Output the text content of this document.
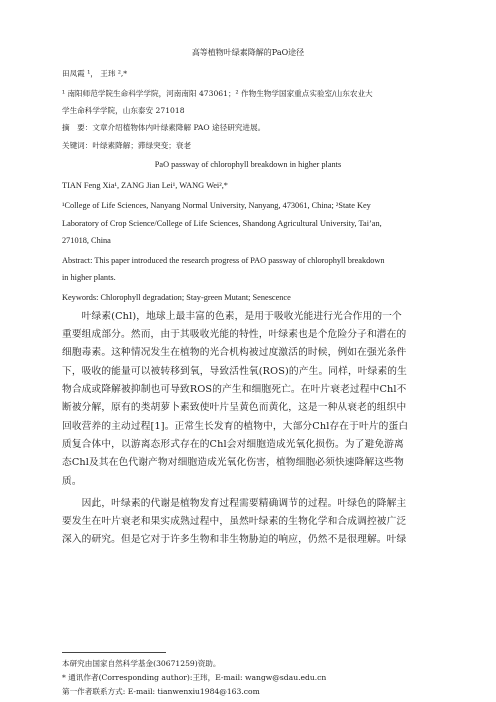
高等植物叶绿素降解的PaO途径

田凤霞 ¹， 王玮 ²,*

¹ 南阳师范学院生命科学学院，河南南阳 473061；² 作物生物学国家重点实验室/山东农业大

学生命科学学院，山东泰安 271018

摘　要：文章介绍植物体内叶绿素降解 PAO 途径研究进展。

关键词：叶绿素降解；滞绿突变；衰老

PaO passway of chlorophyll breakdown in higher plants

TIAN Feng Xia¹, ZANG Jian Lei¹, WANG Wei²,*

¹College of Life Sciences, Nanyang Normal University, Nanyang, 473061, China; ²State Key

Laboratory of Crop Science/College of Life Sciences, Shandong Agricultural University, Tai’an,

271018, China

Abstract: This paper introduced the research progress of PAO passway of chlorophyll breakdown

in higher plants.

Keywords: Chlorophyll degradation; Stay-green Mutant; Senescence

　　叶绿素(Chl)，地球上最丰富的色素，是用于吸收光能进行光合作用的一个

重要组成部分。然而，由于其吸收光能的特性，叶绿素也是个危险分子和潜在的

细胞毒素。这种情况发生在植物的光合机构被过度激活的时候，例如在强光条件

下，吸收的能量可以被转移到氧，导致活性氧(ROS)的产生。同样，叶绿素的生

物合成或降解被抑制也可导致ROS的产生和细胞死亡。在叶片衰老过程中Chl不

断被分解，原有的类胡萝卜素致使叶片呈黄色而黄化，这是一种从衰老的组织中

回收营养的主动过程[1]。正常生长发育的植物中，大部分Chl存在于叶片的蛋白

质复合体中，以游离态形式存在的Chl会对细胞造成光氧化损伤。为了避免游离

态Chl及其在色代谢产物对细胞造成光氧化伤害，植物细胞必须快速降解这些物

质。

　　因此，叶绿素的代谢是植物发育过程需要精确调节的过程。叶绿色的降解主

要发生在叶片衰老和果实成熟过程中，虽然叶绿素的生物化学和合成调控被广泛

深入的研究。但是它对于许多生物和非生物胁迫的响应，仍然不是很理解。叶绿

本研究由国家自然科学基金(30671259)资助。

* 通讯作者(Corresponding author):王玮，E-mail: wangw@sdau.edu.cn

第一作者联系方式: E-mail: tianwenxiu1984@163.com
